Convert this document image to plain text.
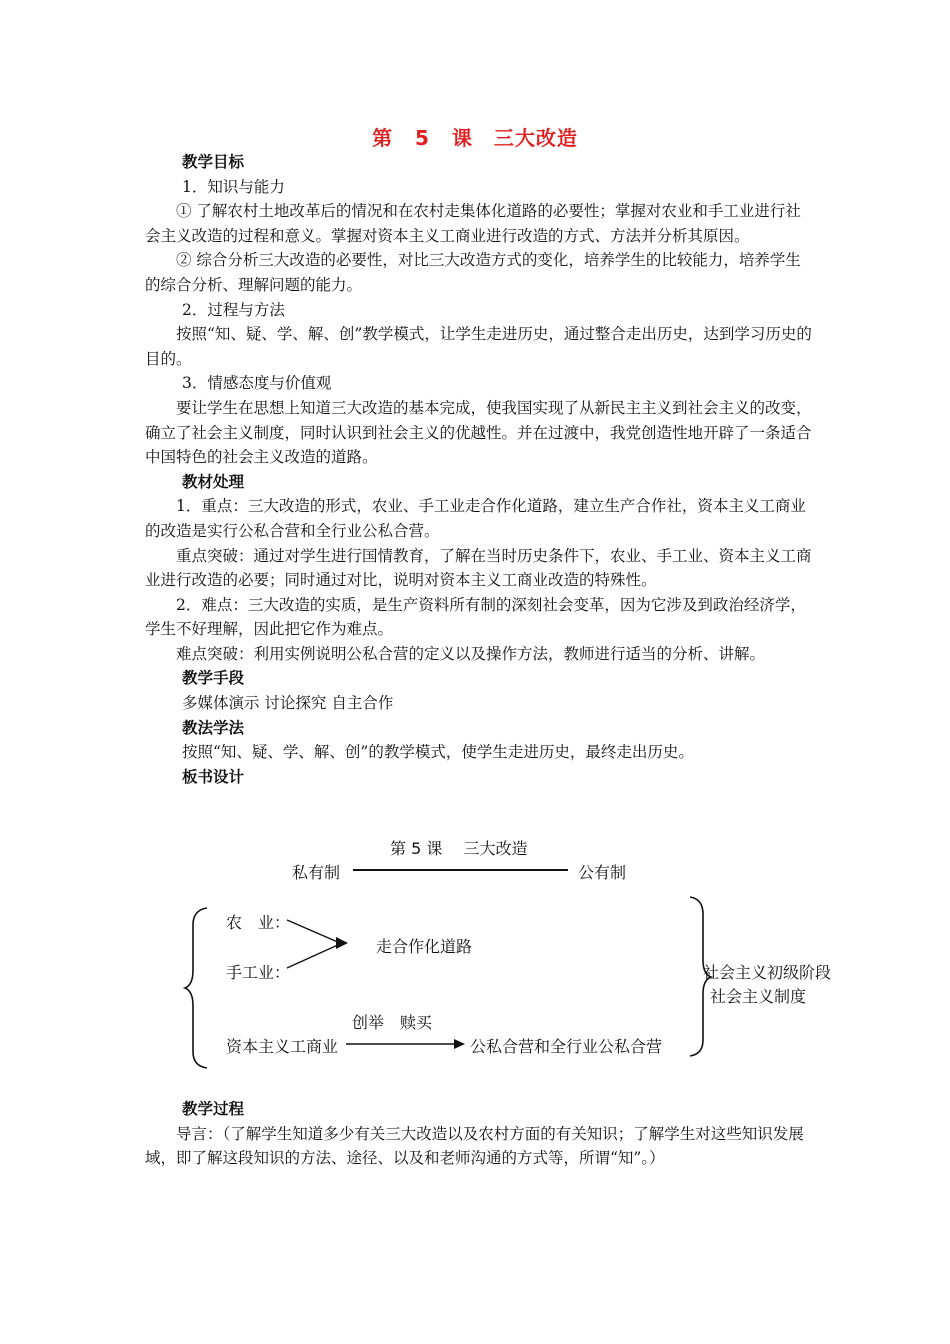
第 5 课　三大改造

教学目标

1．知识与能力

① 了解农村土地改革后的情况和在农村走集体化道路的必要性；掌握对农业和手工业进行社会主义改造的过程和意义。掌握对资本主义工商业进行改造的方式、方法并分析其原因。

② 综合分析三大改造的必要性，对比三大改造方式的变化，培养学生的比较能力，培养学生的综合分析、理解问题的能力。

2．过程与方法

按照“知、疑、学、解、创”教学模式，让学生走进历史，通过整合走出历史，达到学习历史的目的。

3．情感态度与价值观

要让学生在思想上知道三大改造的基本完成，使我国实现了从新民主主义到社会主义的改变，确立了社会主义制度，同时认识到社会主义的优越性。并在过渡中，我党创造性地开辟了一条适合中国特色的社会主义改造的道路。

教材处理

1．重点：三大改造的形式，农业、手工业走合作化道路，建立生产合作社，资本主义工商业的改造是实行公私合营和全行业公私合营。

重点突破：通过对学生进行国情教育，了解在当时历史条件下，农业、手工业、资本主义工商业进行改造的必要；同时通过对比，说明对资本主义工商业改造的特殊性。

2．难点：三大改造的实质，是生产资料所有制的深刻社会变革，因为它涉及到政治经济学，学生不好理解，因此把它作为难点。

难点突破：利用实例说明公私合营的定义以及操作方法，教师进行适当的分析、讲解。

教学手段

多媒体演示 讨论探究 自主合作

教法学法

按照“知、疑、学、解、创”的教学模式，使学生走进历史，最终走出历史。

板书设计

第 5 课　 三大改造
私有制	公有制
农　业：
手工业：
走合作化道路
创举　赎买
资本主义工商业	公私合营和全行业公私合营
社会主义初级阶段
社会主义制度

教学过程

导言：（了解学生知道多少有关三大改造以及农村方面的有关知识；了解学生对这些知识发展域，即了解这段知识的方法、途径、以及和老师沟通的方式等，所谓“知”。）
